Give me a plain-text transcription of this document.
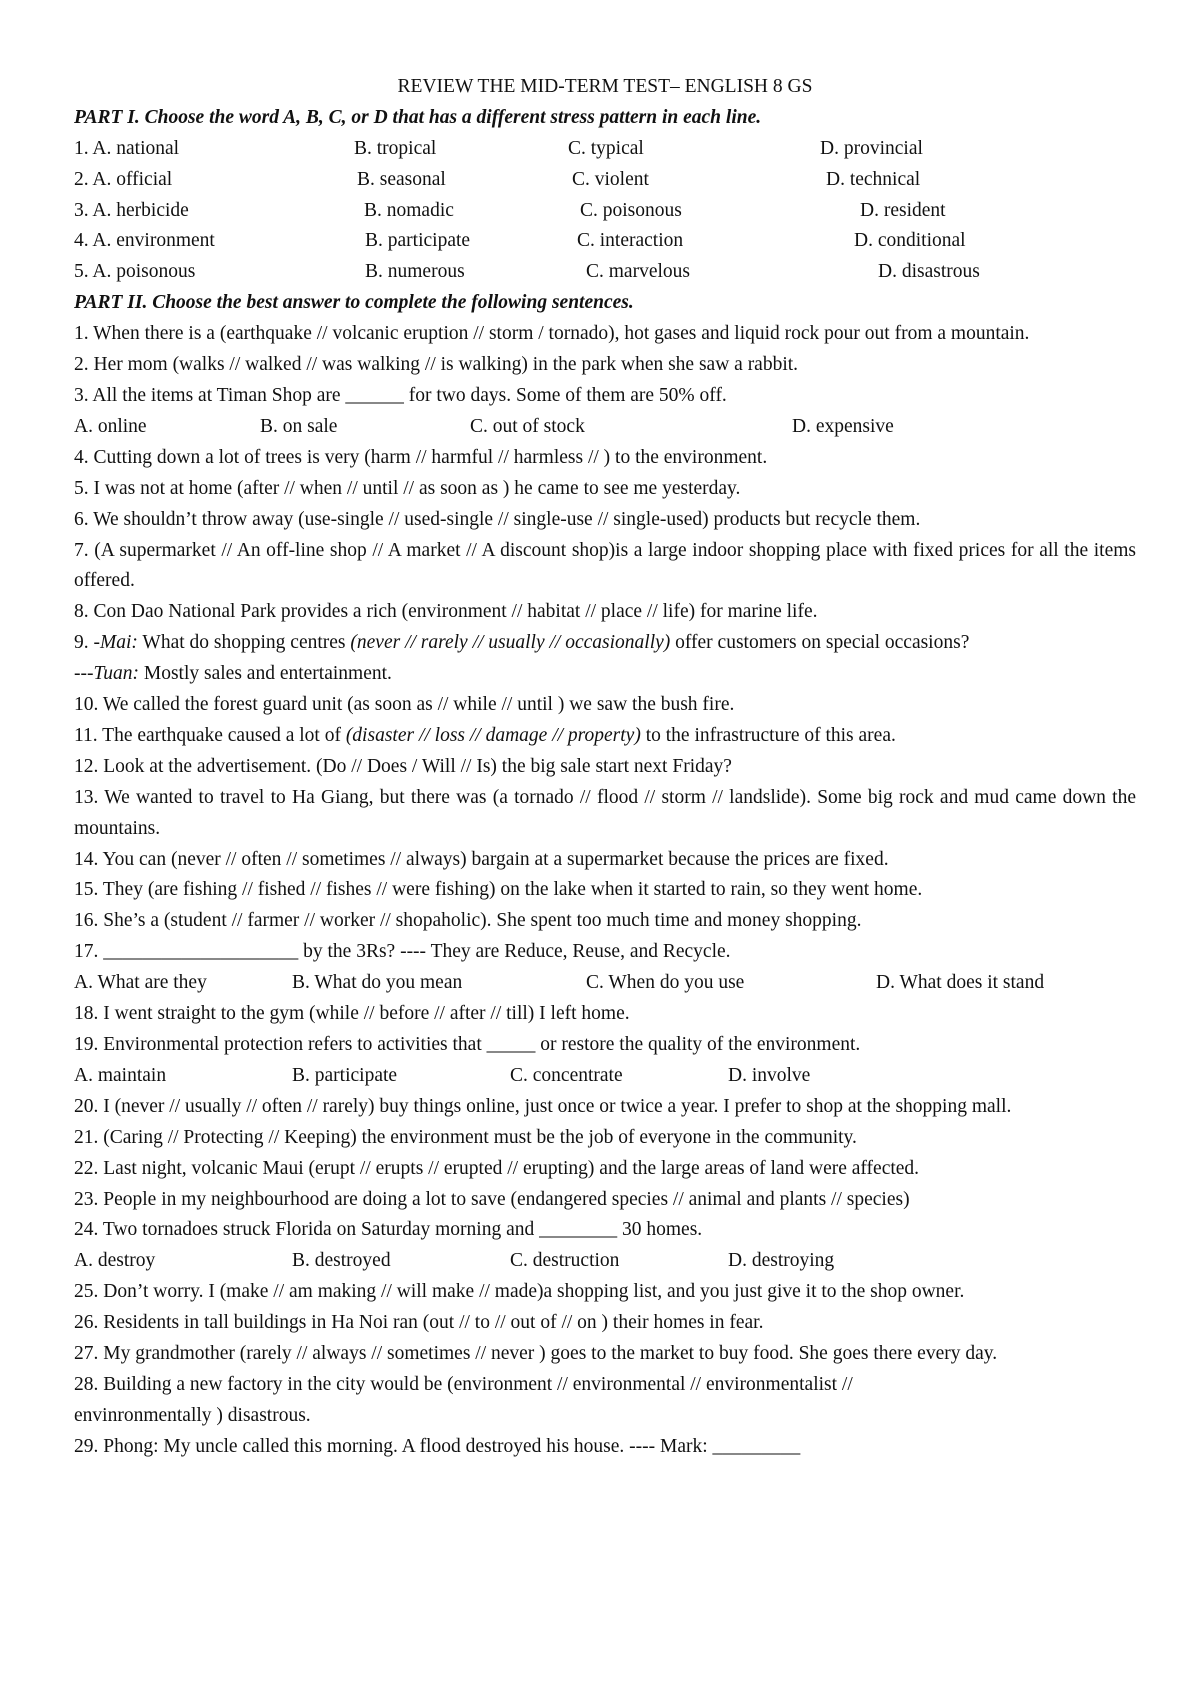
REVIEW THE MID-TERM TEST– ENGLISH 8 GS
PART I. Choose the word A, B, C, or D that has a different stress pattern in each line.
1. A. national	B. tropical	C. typical	D. provincial
2. A. official	B. seasonal	C. violent	D. technical
3. A. herbicide	B. nomadic	C. poisonous	D. resident
4. A. environment	B. participate	C. interaction	D. conditional
5. A. poisonous	B. numerous	C. marvelous	D. disastrous
PART II. Choose the best answer to complete the following sentences.
1. When there is a (earthquake // volcanic eruption // storm / tornado), hot gases and liquid rock pour out from a mountain.
2. Her mom (walks // walked // was walking // is walking) in the park when she saw a rabbit.
3. All the items at Timan Shop are ______ for two days. Some of them are 50% off.
A. online	B. on sale	C. out of stock	D. expensive
4. Cutting down a lot of trees is very (harm // harmful // harmless // ) to the environment.
5. I was not at home (after // when // until // as soon as ) he came to see me yesterday.
6. We shouldn’t throw away (use-single // used-single // single-use // single-used) products but recycle them.
7. (A supermarket // An off-line shop // A market // A discount shop)is a large indoor shopping place with fixed prices for all the items offered.
8. Con Dao National Park provides a rich (environment // habitat // place // life) for marine life.
9. -Mai: What do shopping centres (never // rarely // usually // occasionally) offer customers on special occasions?
---Tuan: Mostly sales and entertainment.
10. We called the forest guard unit (as soon as // while // until ) we saw the bush fire.
11. The earthquake caused a lot of (disaster // loss // damage // property) to the infrastructure of this area.
12. Look at the advertisement. (Do // Does / Will // Is) the big sale start next Friday?
13. We wanted to travel to Ha Giang, but there was (a tornado // flood // storm // landslide). Some big rock and mud came down the mountains.
14. You can (never // often // sometimes // always) bargain at a supermarket because the prices are fixed.
15. They (are fishing // fished // fishes // were fishing) on the lake when it started to rain, so they went home.
16. She’s a (student // farmer // worker // shopaholic). She spent too much time and money shopping.
17. ____________________ by the 3Rs? ---- They are Reduce, Reuse, and Recycle.
A. What are they	B. What do you mean	C. When do you use	D. What does it stand
18. I went straight to the gym (while // before // after // till) I left home.
19. Environmental protection refers to activities that _____ or restore the quality of the environment.
A. maintain	B. participate	C. concentrate	D. involve
20. I (never // usually // often // rarely) buy things online, just once or twice a year. I prefer to shop at the shopping mall.
21. (Caring // Protecting // Keeping) the environment must be the job of everyone in the community.
22. Last night, volcanic Maui (erupt // erupts // erupted // erupting) and the large areas of land were affected.
23. People in my neighbourhood are doing a lot to save (endangered species // animal and plants // species)
24. Two tornadoes struck Florida on Saturday morning and ________ 30 homes.
A. destroy	B. destroyed	C. destruction	D. destroying
25. Don’t worry. I (make // am making // will make // made)a shopping list, and you just give it to the shop owner.
26. Residents in tall buildings in Ha Noi ran (out // to // out of // on ) their homes in fear.
27. My grandmother (rarely // always // sometimes // never ) goes to the market to buy food. She goes there every day.
28. Building a new factory in the city would be (environment // environmental // environmentalist //
envinronmentally ) disastrous.
29. Phong: My uncle called this morning. A flood destroyed his house. ---- Mark: _________
